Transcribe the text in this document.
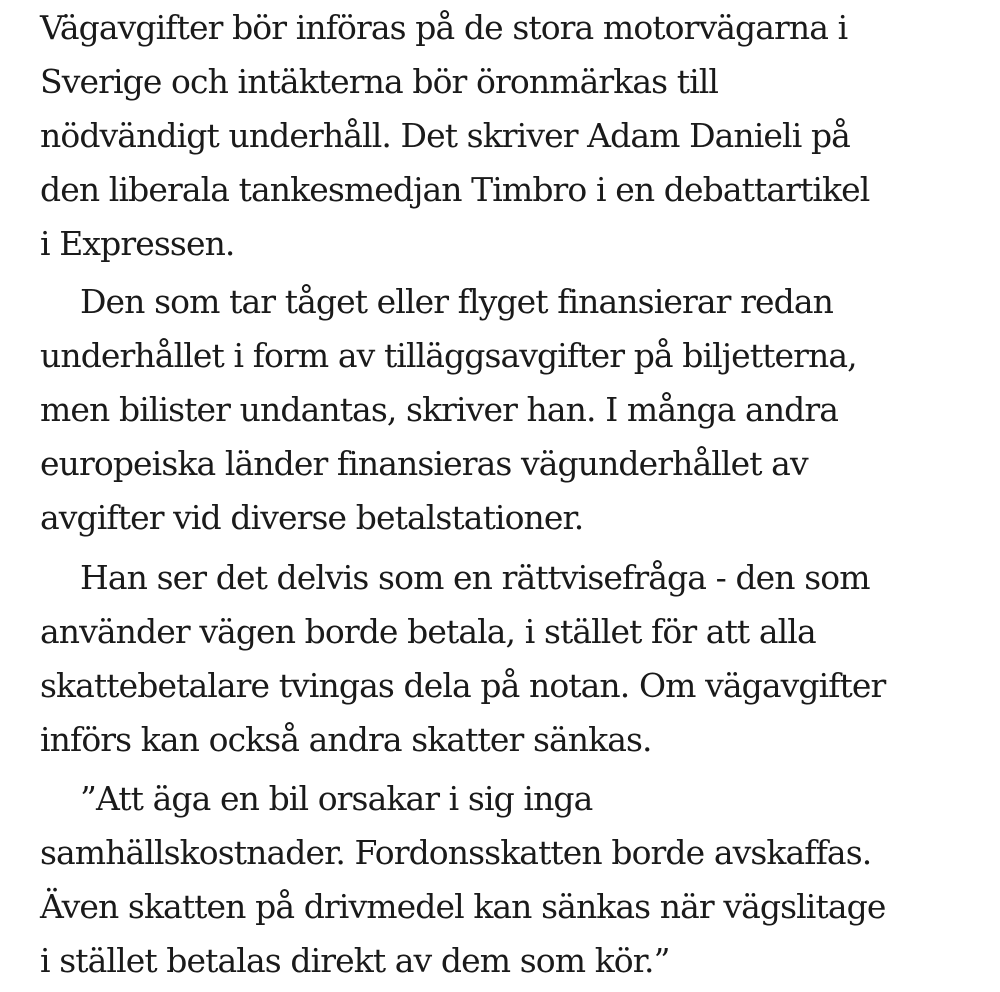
Vägavgifter bör införas på de stora motorvägarna i
Sverige och intäkterna bör öronmärkas till
nödvändigt underhåll. Det skriver Adam Danieli på
den liberala tankesmedjan Timbro i en debattartikel
i Expressen.
Den som tar tåget eller flyget finansierar redan
underhållet i form av tilläggsavgifter på biljetterna,
men bilister undantas, skriver han. I många andra
europeiska länder finansieras vägunderhållet av
avgifter vid diverse betalstationer.
Han ser det delvis som en rättvisefråga - den som
använder vägen borde betala, i stället för att alla
skattebetalare tvingas dela på notan. Om vägavgifter
införs kan också andra skatter sänkas.
”Att äga en bil orsakar i sig inga
samhällskostnader. Fordonsskatten borde avskaffas.
Även skatten på drivmedel kan sänkas när vägslitage
i stället betalas direkt av dem som kör.”
